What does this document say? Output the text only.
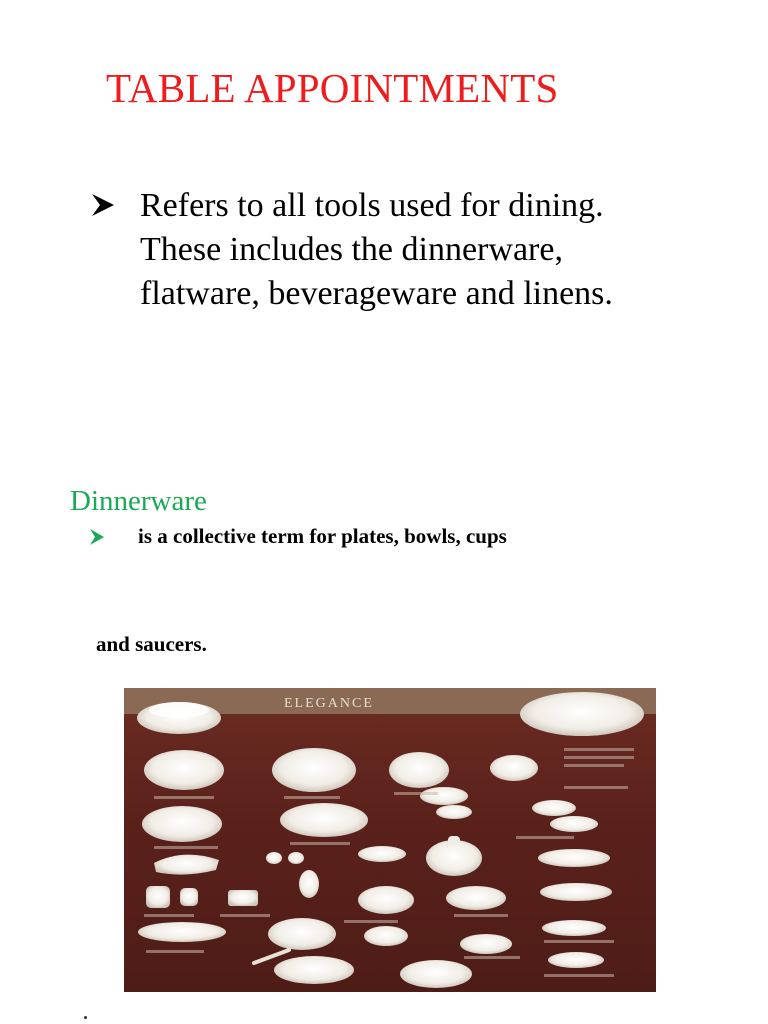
TABLE APPOINTMENTS
Refers to all tools used for dining.
These includes the dinnerware,
flatware, beverageware and linens.
Dinnerware
is a collective term for plates, bowls, cups
and saucers.
ELEGANCE
